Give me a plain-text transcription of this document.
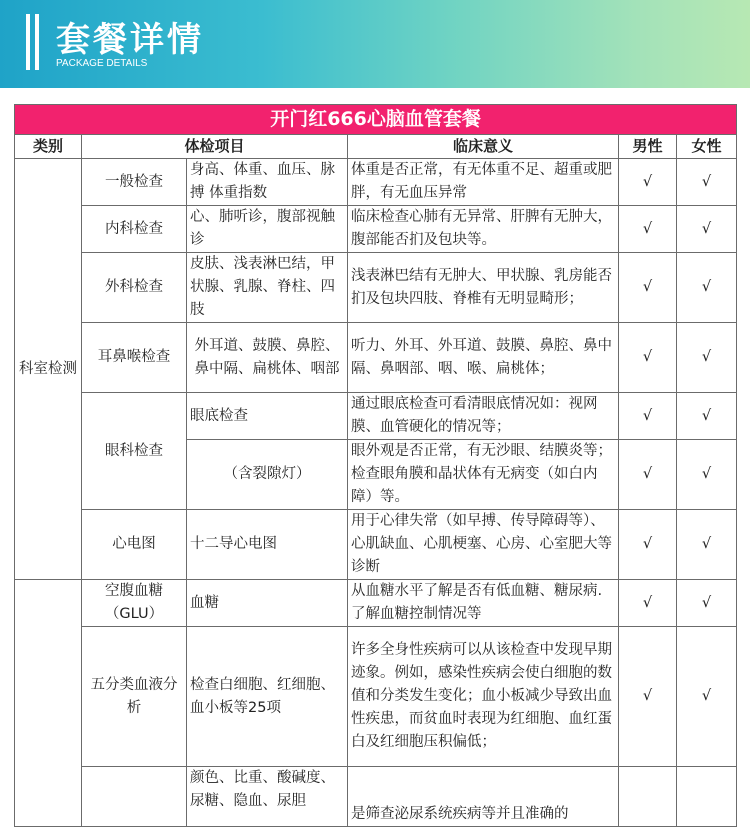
套餐详情
PACKAGE DETAILS
开门红666心脑血管套餐					
类别	体检项目		临床意义	男性	女性
科室检测	一般检查	身高、体重、血压、脉搏 体重指数	体重是否正常，有无体重不足、超重或肥胖，有无血压异常	√	√
	内科检查	心、肺听诊，腹部视触诊	临床检查心肺有无异常、肝脾有无肿大，腹部能否扪及包块等。	√	√
	外科检查	皮肤、浅表淋巴结，甲状腺、乳腺、脊柱、四肢	浅表淋巴结有无肿大、甲状腺、乳房能否扪及包块四肢、脊椎有无明显畸形；	√	√
	耳鼻喉检查	外耳道、鼓膜、鼻腔、鼻中隔、扁桃体、咽部	听力、外耳、外耳道、鼓膜、鼻腔、鼻中隔、鼻咽部、咽、喉、扁桃体；	√	√
	眼科检查	眼底检查	通过眼底检查可看清眼底情况如：视网膜、血管硬化的情况等；	√	√
		（含裂隙灯）	眼外观是否正常，有无沙眼、结膜炎等；检查眼角膜和晶状体有无病变（如白内障）等。	√	√
	心电图	十二导心电图	用于心律失常（如早搏、传导障碍等）、心肌缺血、心肌梗塞、心房、心室肥大等诊断	√	√
	空腹血糖（GLU）	血糖	从血糖水平了解是否有低血糖、糖尿病.了解血糖控制情况等	√	√
	五分类血液分析	检查白细胞、红细胞、血小板等25项	许多全身性疾病可以从该检查中发现早期迹象。例如，感染性疾病会使白细胞的数值和分类发生变化；血小板减少导致出血性疾患，而贫血时表现为红细胞、血红蛋白及红细胞压积偏低；	√	√
		颜色、比重、酸碱度、尿糖、隐血、尿胆	是筛查泌尿系统疾病等并且准确的		
